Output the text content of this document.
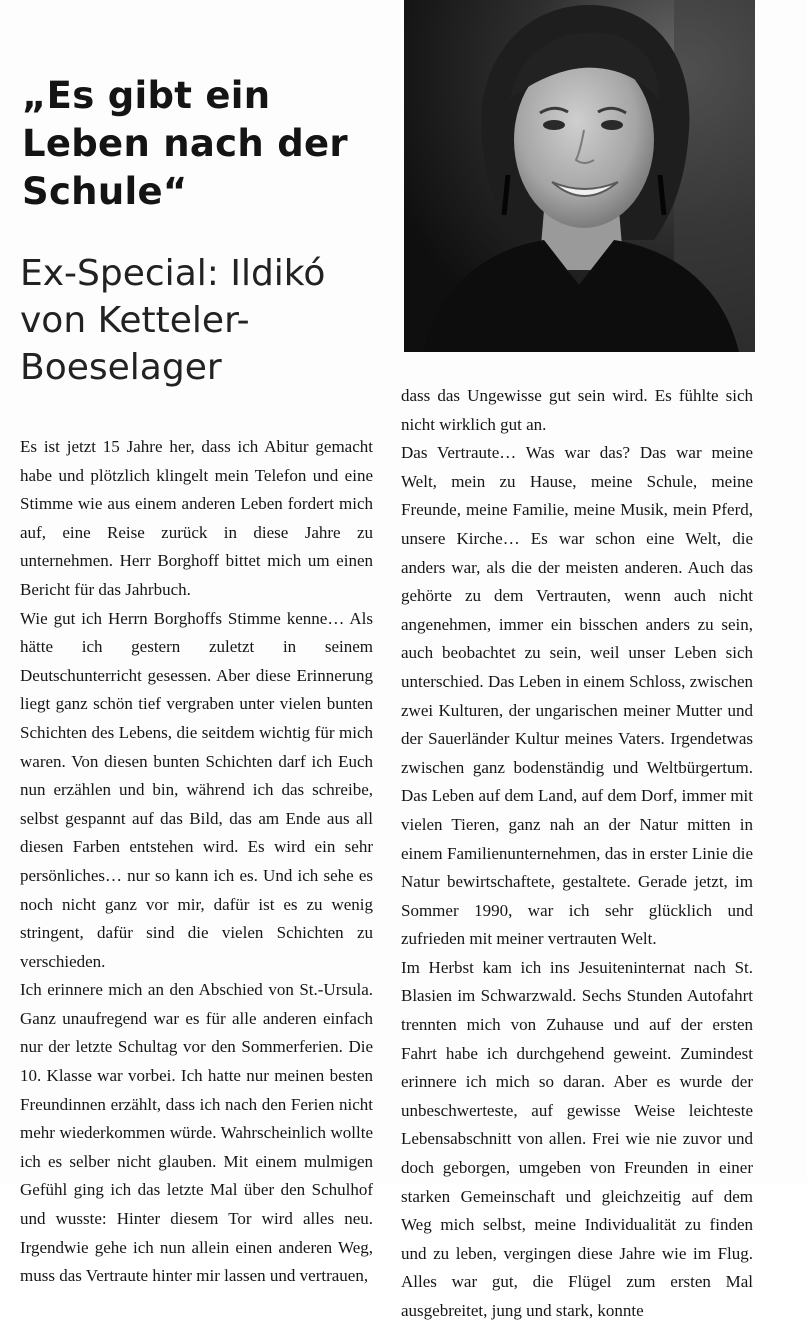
„Es gibt ein Leben nach der Schule“
Ex-Special: Ildikó von Ketteler-Boeselager

Es ist jetzt 15 Jahre her, dass ich Abitur gemacht habe und plötzlich klingelt mein Telefon und eine Stimme wie aus einem anderen Leben fordert mich auf, eine Reise zurück in diese Jahre zu unternehmen. Herr Borghoff bittet mich um einen Bericht für das Jahrbuch.

Wie gut ich Herrn Borghoffs Stimme kenne… Als hätte ich gestern zuletzt in seinem Deutschunterricht gesessen. Aber diese Erinnerung liegt ganz schön tief vergraben unter vielen bunten Schichten des Lebens, die seitdem wichtig für mich waren. Von diesen bunten Schichten darf ich Euch nun erzählen und bin, während ich das schreibe, selbst gespannt auf das Bild, das am Ende aus all diesen Farben entstehen wird. Es wird ein sehr persönliches… nur so kann ich es. Und ich sehe es noch nicht ganz vor mir, dafür ist es zu wenig stringent, dafür sind die vielen Schichten zu verschieden.

Ich erinnere mich an den Abschied von St.-Ursula. Ganz unaufregend war es für alle anderen einfach nur der letzte Schultag vor den Sommerferien. Die 10. Klasse war vorbei. Ich hatte nur meinen besten Freundinnen erzählt, dass ich nach den Ferien nicht mehr wiederkommen würde. Wahrscheinlich wollte ich es selber nicht glauben. Mit einem mulmigen Gefühl ging ich das letzte Mal über den Schulhof und wusste: Hinter diesem Tor wird alles neu. Irgendwie gehe ich nun allein einen anderen Weg, muss das Vertraute hinter mir lassen und vertrauen,

dass das Ungewisse gut sein wird. Es fühlte sich nicht wirklich gut an.

Das Vertraute… Was war das? Das war meine Welt, mein zu Hause, meine Schule, meine Freunde, meine Familie, meine Musik, mein Pferd, unsere Kirche… Es war schon eine Welt, die anders war, als die der meisten anderen. Auch das gehörte zu dem Vertrauten, wenn auch nicht angenehmen, immer ein bisschen anders zu sein, auch beobachtet zu sein, weil unser Leben sich unterschied. Das Leben in einem Schloss, zwischen zwei Kulturen, der ungarischen meiner Mutter und der Sauerländer Kultur meines Vaters. Irgendetwas zwischen ganz bodenständig und Weltbürgertum. Das Leben auf dem Land, auf dem Dorf, immer mit vielen Tieren, ganz nah an der Natur mitten in einem Familienunternehmen, das in erster Linie die Natur bewirtschaftete, gestaltete. Gerade jetzt, im Sommer 1990, war ich sehr glücklich und zufrieden mit meiner vertrauten Welt.

Im Herbst kam ich ins Jesuiteninternat nach St. Blasien im Schwarzwald. Sechs Stunden Autofahrt trennten mich von Zuhause und auf der ersten Fahrt habe ich durchgehend geweint. Zumindest erinnere ich mich so daran. Aber es wurde der unbeschwerteste, auf gewisse Weise leichteste Lebensabschnitt von allen. Frei wie nie zuvor und doch geborgen, umgeben von Freunden in einer starken Gemeinschaft und gleichzeitig auf dem Weg mich selbst, meine Individualität zu finden und zu leben, vergingen diese Jahre wie im Flug. Alles war gut, die Flügel zum ersten Mal ausgebreitet, jung und stark, konnte
